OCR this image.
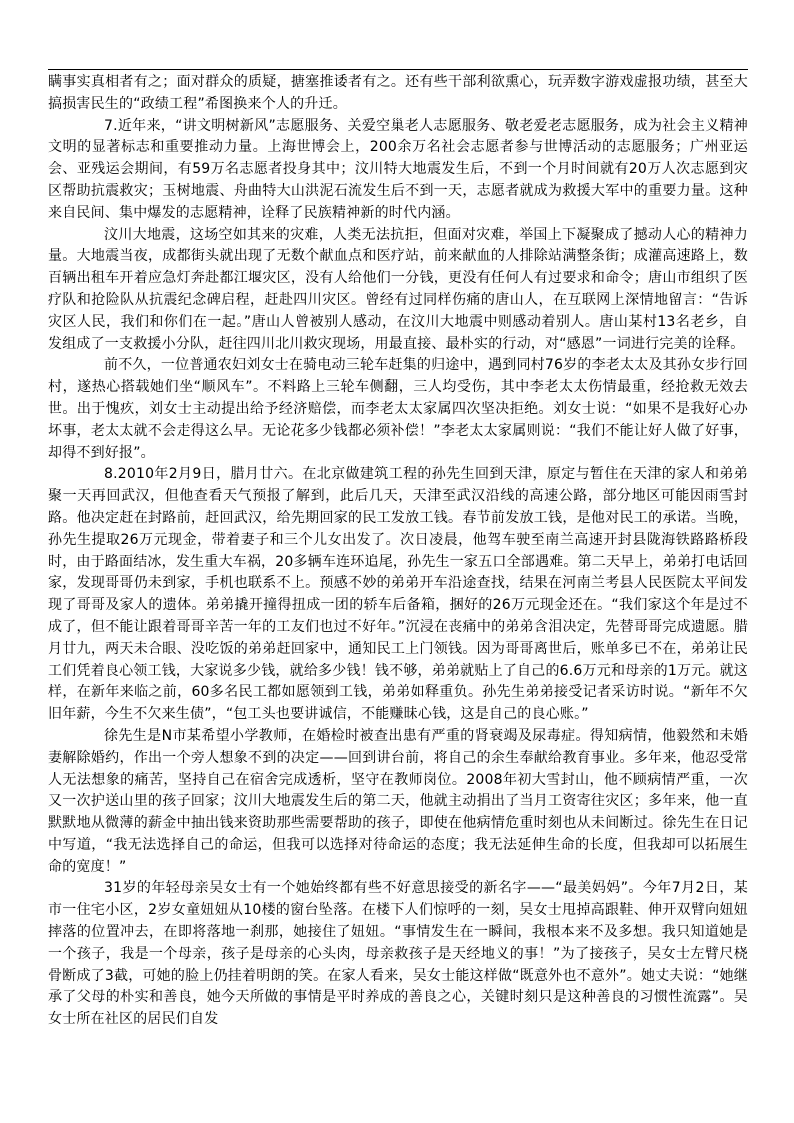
瞒事实真相者有之；面对群众的质疑，搪塞推诿者有之。还有些干部利欲熏心，玩弄数字游戏虚报功绩，甚至大搞损害民生的“政绩工程”希图换来个人的升迁。

7.近年来，“讲文明树新风”志愿服务、关爱空巢老人志愿服务、敬老爱老志愿服务，成为社会主义精神文明的显著标志和重要推动力量。上海世博会上，200余万名社会志愿者参与世博活动的志愿服务；广州亚运会、亚残运会期间，有59万名志愿者投身其中；汶川特大地震发生后，不到一个月时间就有20万人次志愿到灾区帮助抗震救灾；玉树地震、舟曲特大山洪泥石流发生后不到一天，志愿者就成为救援大军中的重要力量。这种来自民间、集中爆发的志愿精神，诠释了民族精神新的时代内涵。

汶川大地震，这场空如其来的灾难，人类无法抗拒，但面对灾难，举国上下凝聚成了撼动人心的精神力量。大地震当夜，成都街头就出现了无数个献血点和医疗站，前来献血的人排除站满整条街；成灌高速路上，数百辆出租车开着应急灯奔赴都江堰灾区，没有人给他们一分钱，更没有任何人有过要求和命令；唐山市组织了医疗队和抢险队从抗震纪念碑启程，赶赴四川灾区。曾经有过同样伤痛的唐山人，在互联网上深情地留言：“告诉灾区人民，我们和你们在一起。”唐山人曾被别人感动，在汶川大地震中则感动着别人。唐山某村13名老乡，自发组成了一支救援小分队，赶往四川北川救灾现场，用最直接、最朴实的行动，对“感恩”一词进行完美的诠释。

前不久，一位普通农妇刘女士在骑电动三轮车赶集的归途中，遇到同村76岁的李老太太及其孙女步行回村，遂热心搭载她们坐“顺风车”。不料路上三轮车侧翻，三人均受伤，其中李老太太伤情最重，经抢救无效去世。出于愧疚，刘女士主动提出给予经济赔偿，而李老太太家属四次坚决拒绝。刘女士说：“如果不是我好心办坏事，老太太就不会走得这么早。无论花多少钱都必须补偿！”李老太太家属则说：“我们不能让好人做了好事，却得不到好报”。

8.2010年2月9日，腊月廿六。在北京做建筑工程的孙先生回到天津，原定与暂住在天津的家人和弟弟聚一天再回武汉，但他查看天气预报了解到，此后几天，天津至武汉沿线的高速公路，部分地区可能因雨雪封路。他决定赶在封路前，赶回武汉，给先期回家的民工发放工钱。春节前发放工钱，是他对民工的承诺。当晚，孙先生提取26万元现金，带着妻子和三个儿女出发了。次日凌晨，他驾车驶至南兰高速开封县陇海铁路路桥段时，由于路面结冰，发生重大车祸，20多辆车连环追尾，孙先生一家五口全部遇难。第二天早上，弟弟打电话回家，发现哥哥仍未到家，手机也联系不上。预感不妙的弟弟开车沿途查找，结果在河南兰考县人民医院太平间发现了哥哥及家人的遗体。弟弟撬开撞得扭成一团的轿车后备箱，捆好的26万元现金还在。“我们家这个年是过不成了，但不能让跟着哥哥辛苦一年的工友们也过不好年。”沉浸在丧痛中的弟弟含泪决定，先替哥哥完成遗愿。腊月廿九，两天未合眼、没吃饭的弟弟赶回家中，通知民工上门领钱。因为哥哥离世后，账单多已不在，弟弟让民工们凭着良心领工钱，大家说多少钱，就给多少钱！钱不够，弟弟就贴上了自己的6.6万元和母亲的1万元。就这样，在新年来临之前，60多名民工都如愿领到工钱，弟弟如释重负。孙先生弟弟接受记者采访时说。“新年不欠旧年薪，今生不欠来生债”，“包工头也要讲诚信，不能赚昧心钱，这是自己的良心账。”

徐先生是N市某希望小学教师，在婚检时被查出患有严重的肾衰竭及尿毒症。得知病情，他毅然和未婚妻解除婚约，作出一个旁人想象不到的决定——回到讲台前，将自己的余生奉献给教育事业。多年来，他忍受常人无法想象的痛苦，坚持自己在宿舍完成透析，坚守在教师岗位。2008年初大雪封山，他不顾病情严重，一次又一次护送山里的孩子回家；汶川大地震发生后的第二天，他就主动捐出了当月工资寄往灾区；多年来，他一直默默地从微薄的薪金中抽出钱来资助那些需要帮助的孩子，即使在他病情危重时刻也从未间断过。徐先生在日记中写道，“我无法选择自己的命运，但我可以选择对待命运的态度；我无法延伸生命的长度，但我却可以拓展生命的宽度！”

31岁的年轻母亲吴女士有一个她始终都有些不好意思接受的新名字——“最美妈妈”。今年7月2日，某市一住宅小区，2岁女童妞妞从10楼的窗台坠落。在楼下人们惊呼的一刻，吴女士甩掉高跟鞋、伸开双臂向妞妞摔落的位置冲去，在即将落地一刹那，她接住了妞妞。“事情发生在一瞬间，我根本来不及多想。我只知道她是一个孩子，我是一个母亲，孩子是母亲的心头肉，母亲救孩子是天经地义的事！”为了接孩子，吴女士左臂尺桡骨断成了3截，可她的脸上仍挂着明朗的笑。在家人看来，吴女士能这样做“既意外也不意外”。她丈夫说：“她继承了父母的朴实和善良，她今天所做的事情是平时养成的善良之心，关键时刻只是这种善良的习惯性流露”。吴女士所在社区的居民们自发
